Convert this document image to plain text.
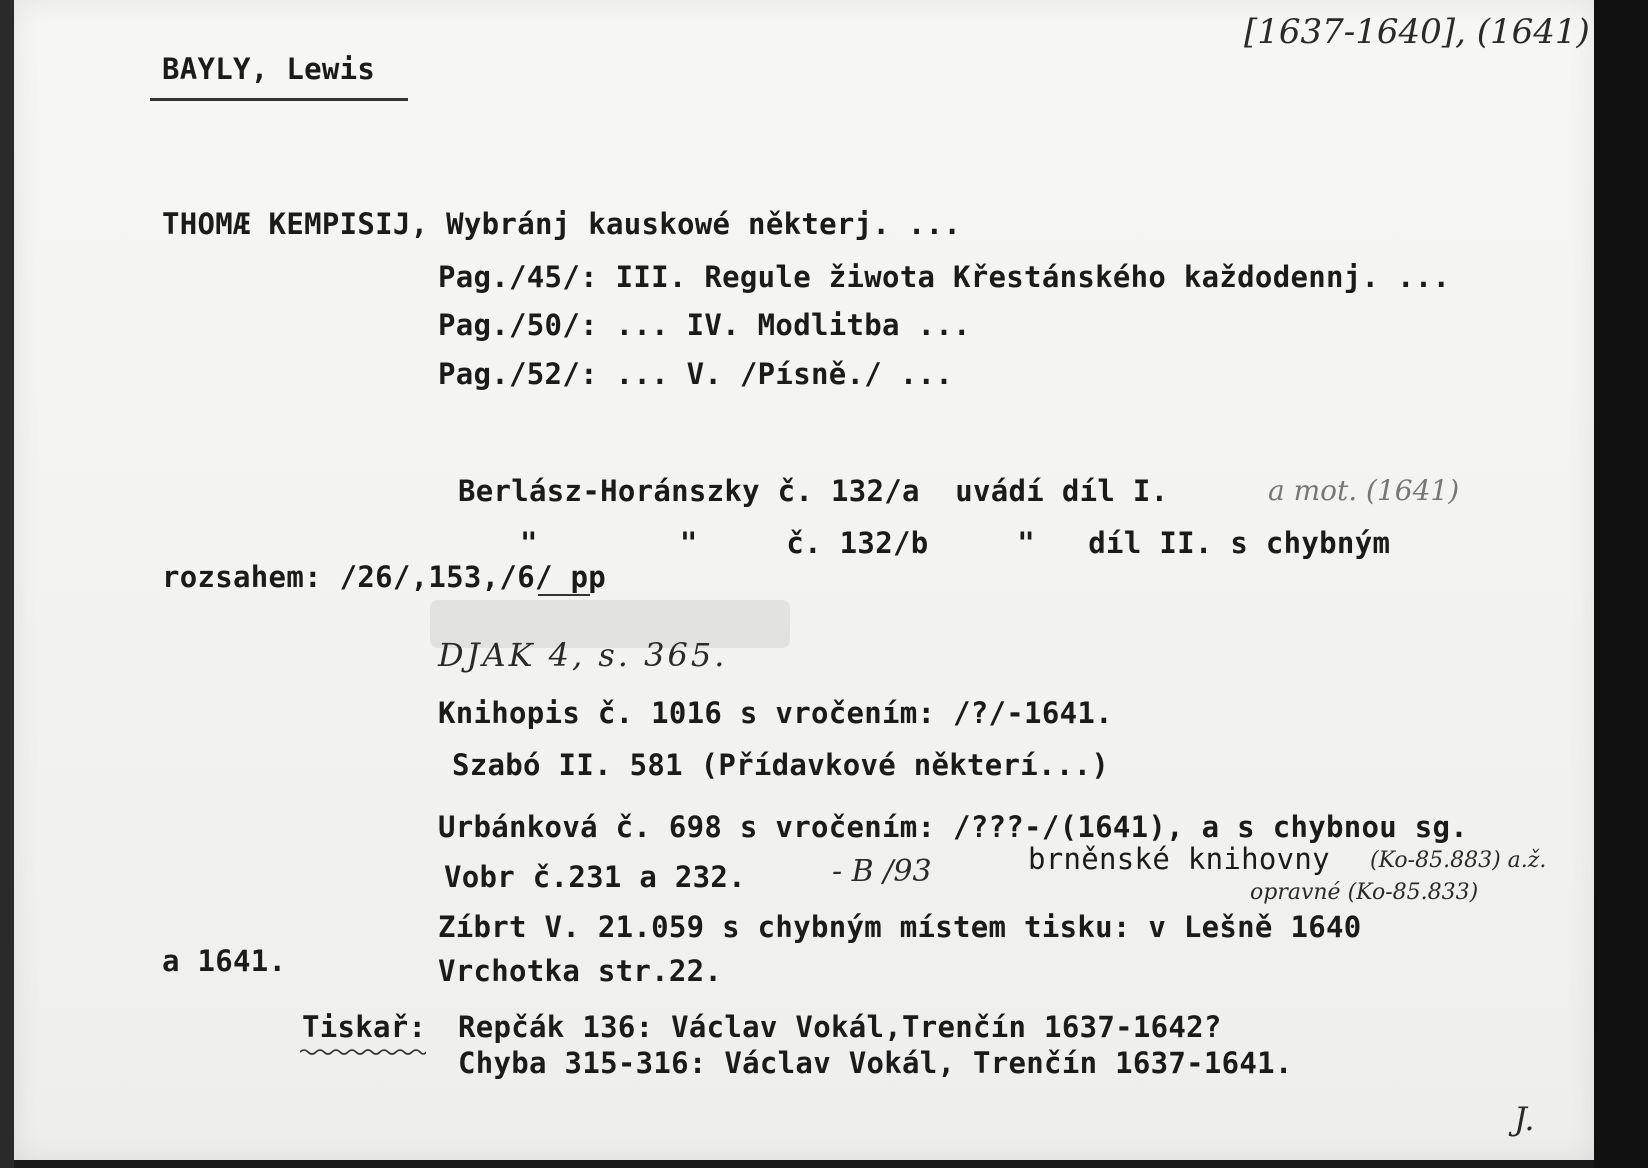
BAYLY, Lewis
[1637-1640], (1641)
THOMÆ KEMPISIJ, Wybránj kauskowé některj. ...
Pag./45/: III. Regule žiwota Křestánského každodennj. ...
Pag./50/: ... IV. Modlitba ...
Pag./52/: ... V. /Písně./ ...
Berlász-Horánszky č. 132/a  uvádí díl I.	a mot. (1641)
"        "     č. 132/b     "   díl II. s chybným
rozsahem: /26/,153,/6/ pp
DJAK 4, s. 365.
Knihopis č. 1016 s vročením: /?/-1641.
Szabó II. 581 (Přídavkové některí...)
Urbánková č. 698 s vročením: /???-/(1641), a s chybnou sg.
Vobr č.231 a 232.	- B /93	brněnské knihovny (Ko-85.883) a.ž.
opravné (Ko-85.833)
Zíbrt V. 21.059 s chybným místem tisku: v Lešně 1640
a 1641.	Vrchotka str.22.
Tiskař: Repčák 136: Václav Vokál,Trenčín 1637-1642?
Chyba 315-316: Václav Vokál, Trenčín 1637-1641.
J.
